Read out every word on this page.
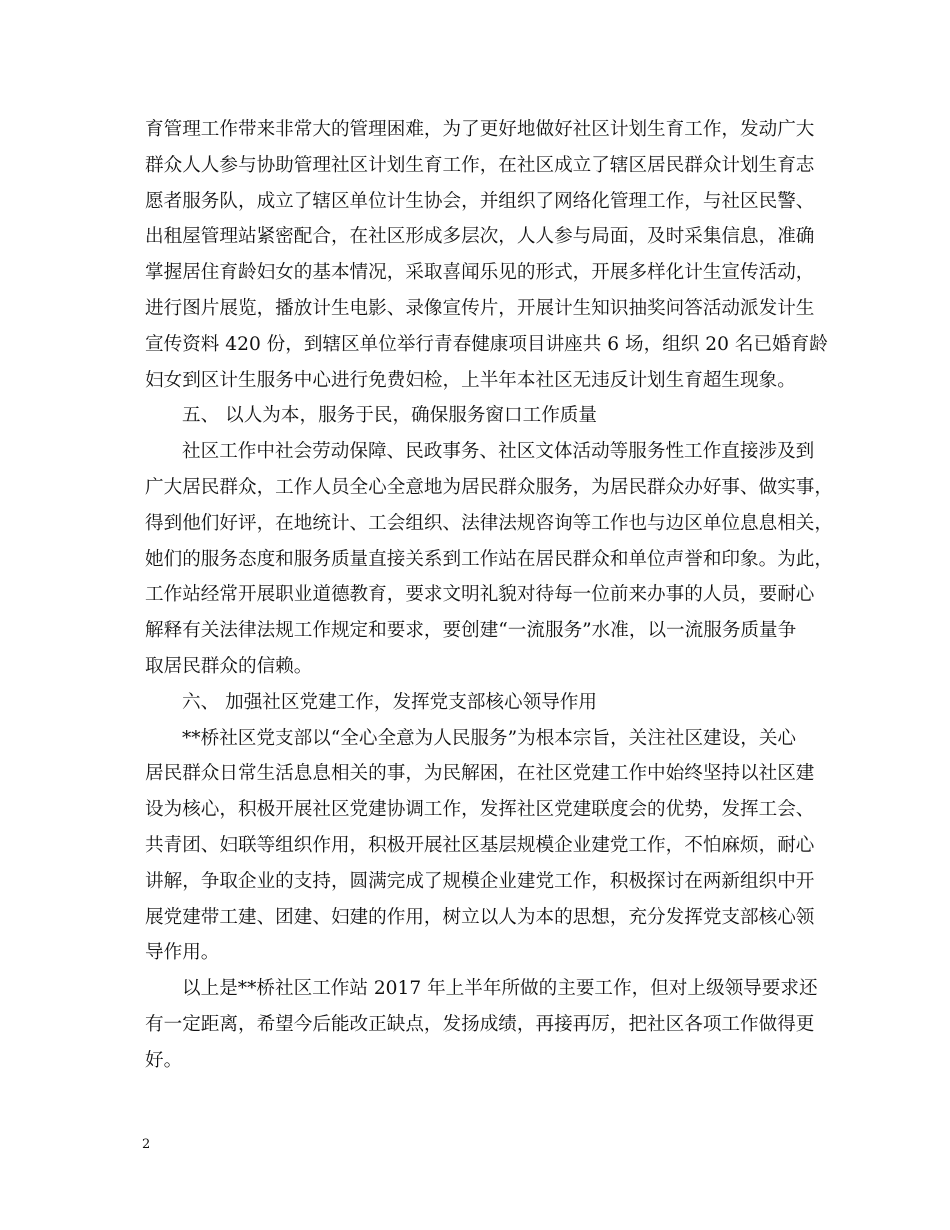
育管理工作带来非常大的管理困难，为了更好地做好社区计划生育工作，发动广大
群众人人参与协助管理社区计划生育工作，在社区成立了辖区居民群众计划生育志
愿者服务队，成立了辖区单位计生协会，并组织了网络化管理工作，与社区民警、
出租屋管理站紧密配合，在社区形成多层次，人人参与局面，及时采集信息，准确
掌握居住育龄妇女的基本情况，采取喜闻乐见的形式，开展多样化计生宣传活动，
进行图片展览，播放计生电影、录像宣传片，开展计生知识抽奖问答活动派发计生
宣传资料 420 份，到辖区单位举行青春健康项目讲座共 6 场，组织 20 名已婚育龄
妇女到区计生服务中心进行免费妇检，上半年本社区无违反计划生育超生现象。
五、 以人为本，服务于民，确保服务窗口工作质量
社区工作中社会劳动保障、民政事务、社区文体活动等服务性工作直接涉及到
广大居民群众，工作人员全心全意地为居民群众服务，为居民群众办好事、做实事，
得到他们好评，在地统计、工会组织、法律法规咨询等工作也与边区单位息息相关，
她们的服务态度和服务质量直接关系到工作站在居民群众和单位声誉和印象。为此，
工作站经常开展职业道德教育，要求文明礼貌对待每一位前来办事的人员，要耐心
解释有关法律法规工作规定和要求，要创建“一流服务”水准，以一流服务质量争
取居民群众的信赖。
六、 加强社区党建工作，发挥党支部核心领导作用
**桥社区党支部以“全心全意为人民服务”为根本宗旨，关注社区建设，关心
居民群众日常生活息息相关的事，为民解困，在社区党建工作中始终坚持以社区建
设为核心，积极开展社区党建协调工作，发挥社区党建联度会的优势，发挥工会、
共青团、妇联等组织作用，积极开展社区基层规模企业建党工作，不怕麻烦，耐心
讲解，争取企业的支持，圆满完成了规模企业建党工作，积极探讨在两新组织中开
展党建带工建、团建、妇建的作用，树立以人为本的思想，充分发挥党支部核心领
导作用。
以上是**桥社区工作站 2017 年上半年所做的主要工作，但对上级领导要求还
有一定距离，希望今后能改正缺点，发扬成绩，再接再厉，把社区各项工作做得更
好。
2
